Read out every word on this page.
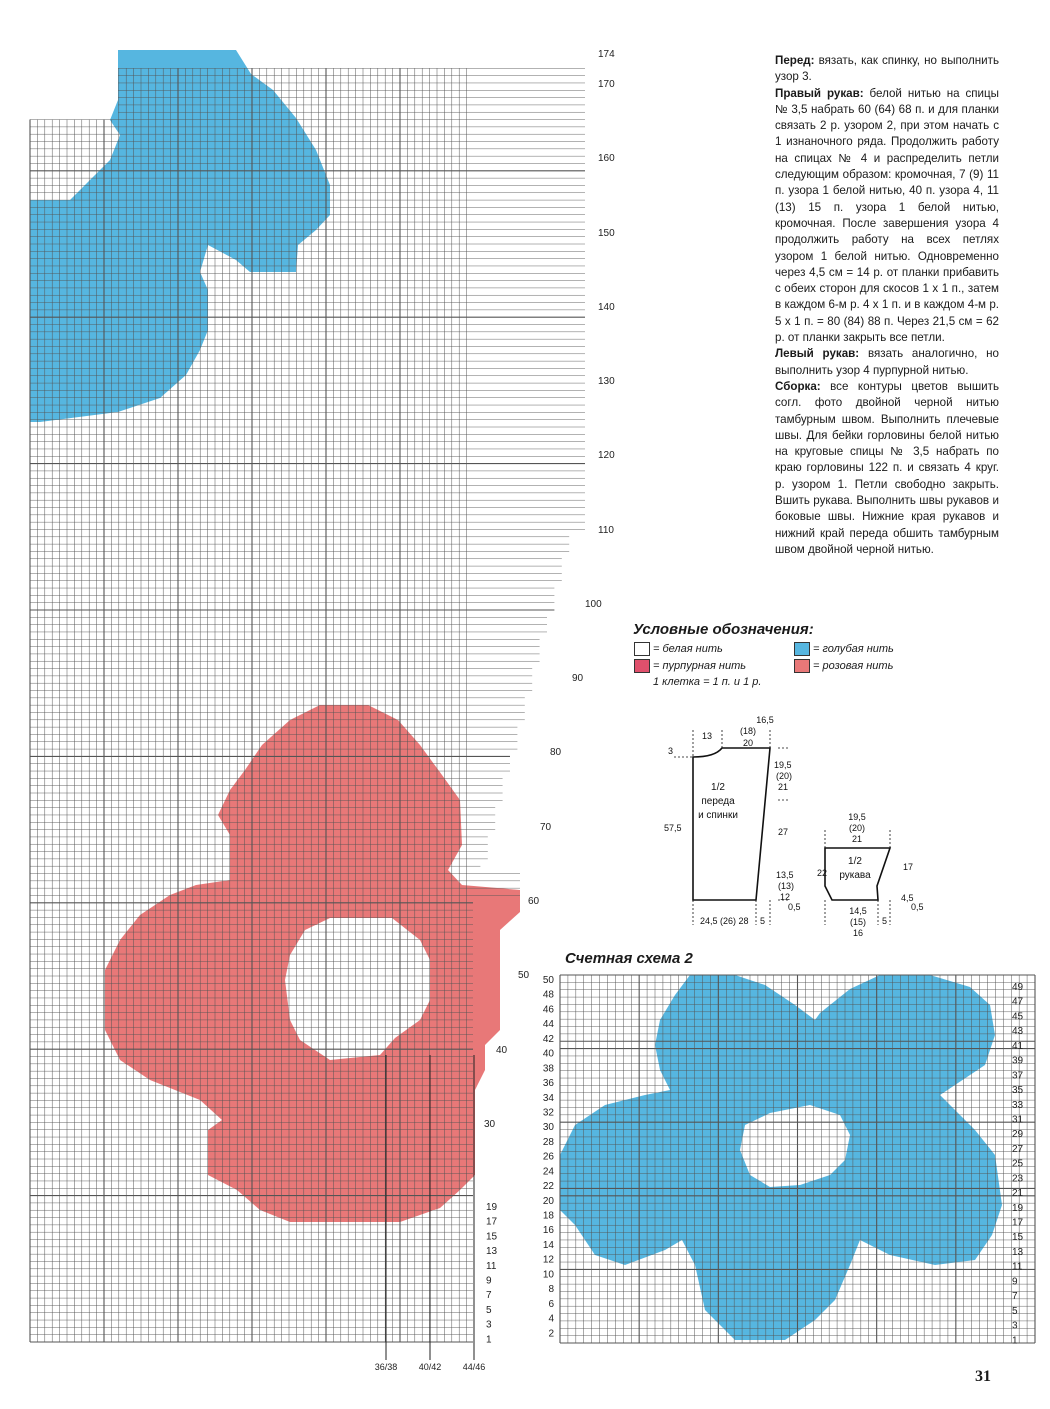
36/38 40/42 44/46
174
170
160
150
140
130
120
110
100
90
80
70
60
50
40
30
19
17
15
13
11
9
7
5
3
1
50
48
46
44
42
40
38
36
34
32
30
28
26
24
22
20
18
16
14
12
10
8
6
4
2
49
47
45
43
41
39
37
35
33
31
29
27
25
23
21
19
17
15
13
11
9
7
5
3
1

Перед: вязать, как спинку, но выполнить узор 3.

Правый рукав: белой нитью на спицы № 3,5 набрать 60 (64) 68 п. и для планки связать 2 р. узором 2, при этом начать с 1 изнаночного ряда. Продолжить работу на спицах № 4 и распределить петли следующим образом: кромочная, 7 (9) 11 п. узора 1 белой нитью, 40 п. узора 4, 11 (13) 15 п. узора 1 белой нитью, кромочная. После завершения узора 4 продолжить работу на всех петлях узором 1 белой нитью. Одновременно через 4,5 см = 14 р. от планки прибавить с обеих сторон для скосов 1 х 1 п., затем в каждом 6-м р. 4 х 1 п. и в каждом 4-м р. 5 х 1 п. = 80 (84) 88 п. Через 21,5 см = 62 р. от планки закрыть все петли.

Левый рукав: вязать аналогично, но выполнить узор 4 пурпурной нитью.

Сборка: все контуры цветов вышить согл. фото двойной черной нитью тамбурным швом. Выполнить плечевые швы. Для бейки горловины белой нитью на круговые спицы № 3,5 набрать по краю горловины 122 п. и связать 4 круг. р. узором 1. Петли свободно закрыть. Вшить рукава. Выполнить швы рукавов и боковые швы. Нижние края рукавов и нижний край переда обшить тамбурным швом двойной черной нитью.

Условные обозначения:
= белая нить	= голубая нить
= пурпурная нить	= розовая нить
1 клетка = 1 п. и 1 р.
13
16,5
(18)
20
3
1/2
переда
и спинки
57,5
19,5
(20)
21
27
13,5
(13)
12
0,5
24,5 (26) 28 5
19,5
(20)
21
1/2
рукава
22
17
4,5
0,5
14,5
(15)
16
5
Счетная схема 2
31
